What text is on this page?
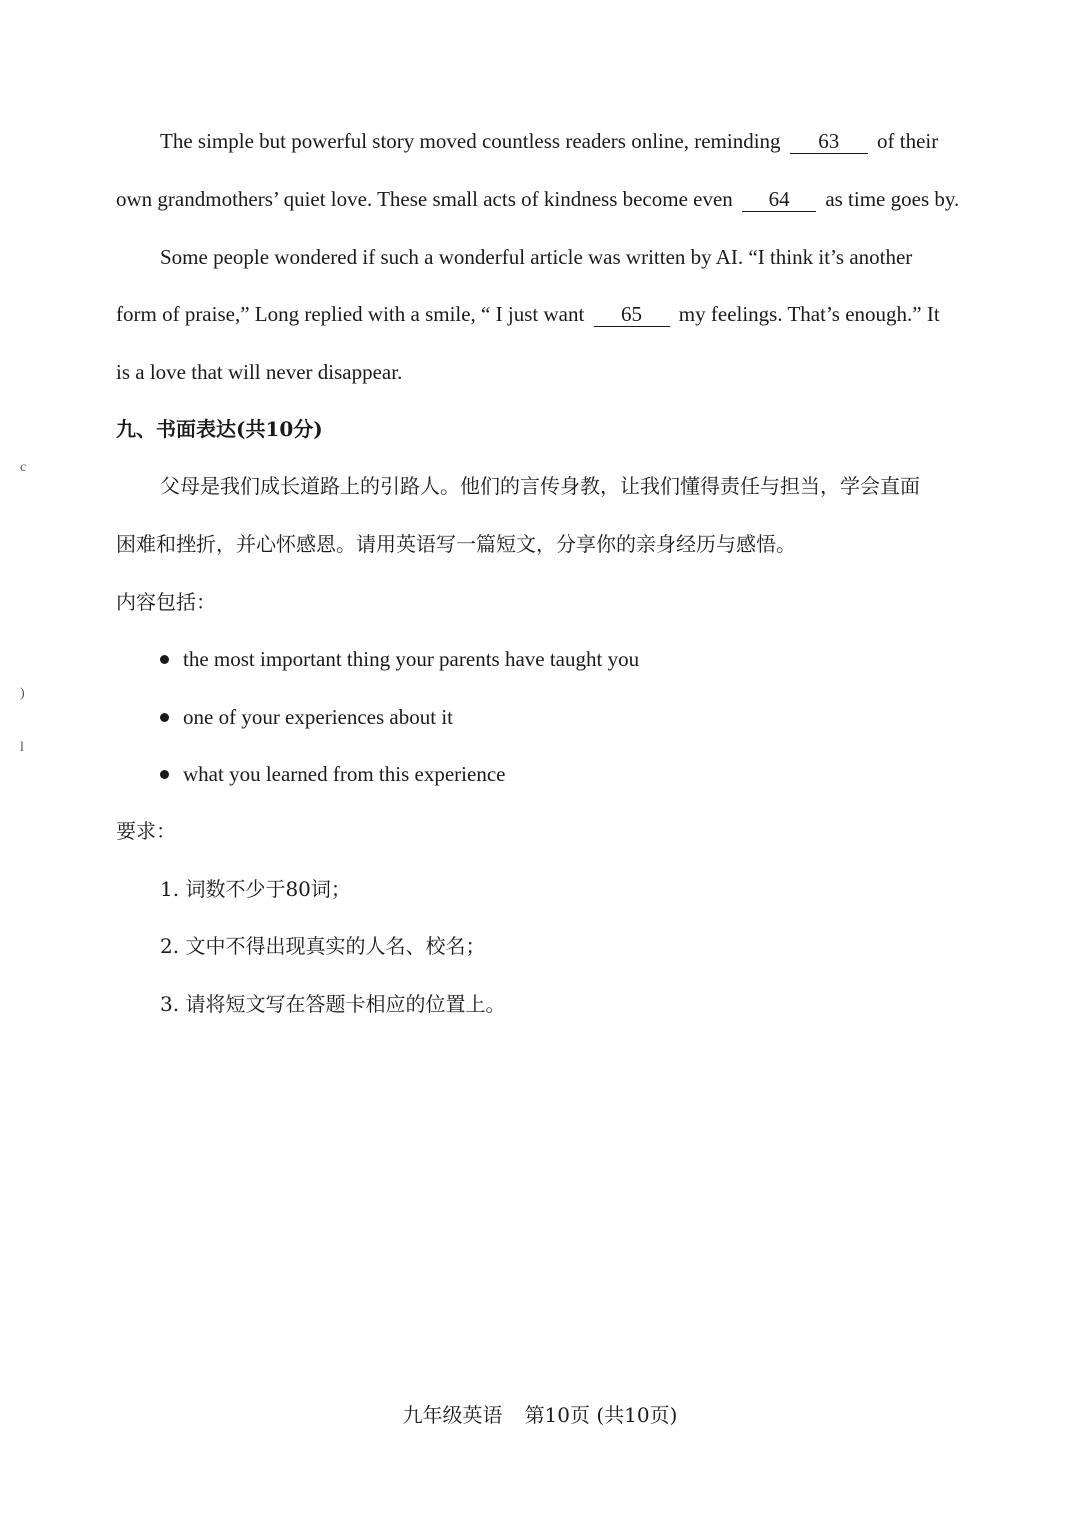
The simple but powerful story moved countless readers online, reminding 63 of their
own grandmothers’ quiet love. These small acts of kindness become even 64 as time goes by.
Some people wondered if such a wonderful article was written by AI. “I think it’s another
form of praise,” Long replied with a smile, “ I just want 65 my feelings. That’s enough.” It
is a love that will never disappear.
九、书面表达(共10分)
父母是我们成长道路上的引路人。他们的言传身教，让我们懂得责任与担当，学会直面
困难和挫折，并心怀感恩。请用英语写一篇短文，分享你的亲身经历与感悟。
内容包括：
the most important thing your parents have taught you
one of your experiences about it
what you learned from this experience
要求：
1. 词数不少于80词；
2. 文中不得出现真实的人名、校名；
3. 请将短文写在答题卡相应的位置上。
c
)
l
九年级英语 第10页 (共10页)
